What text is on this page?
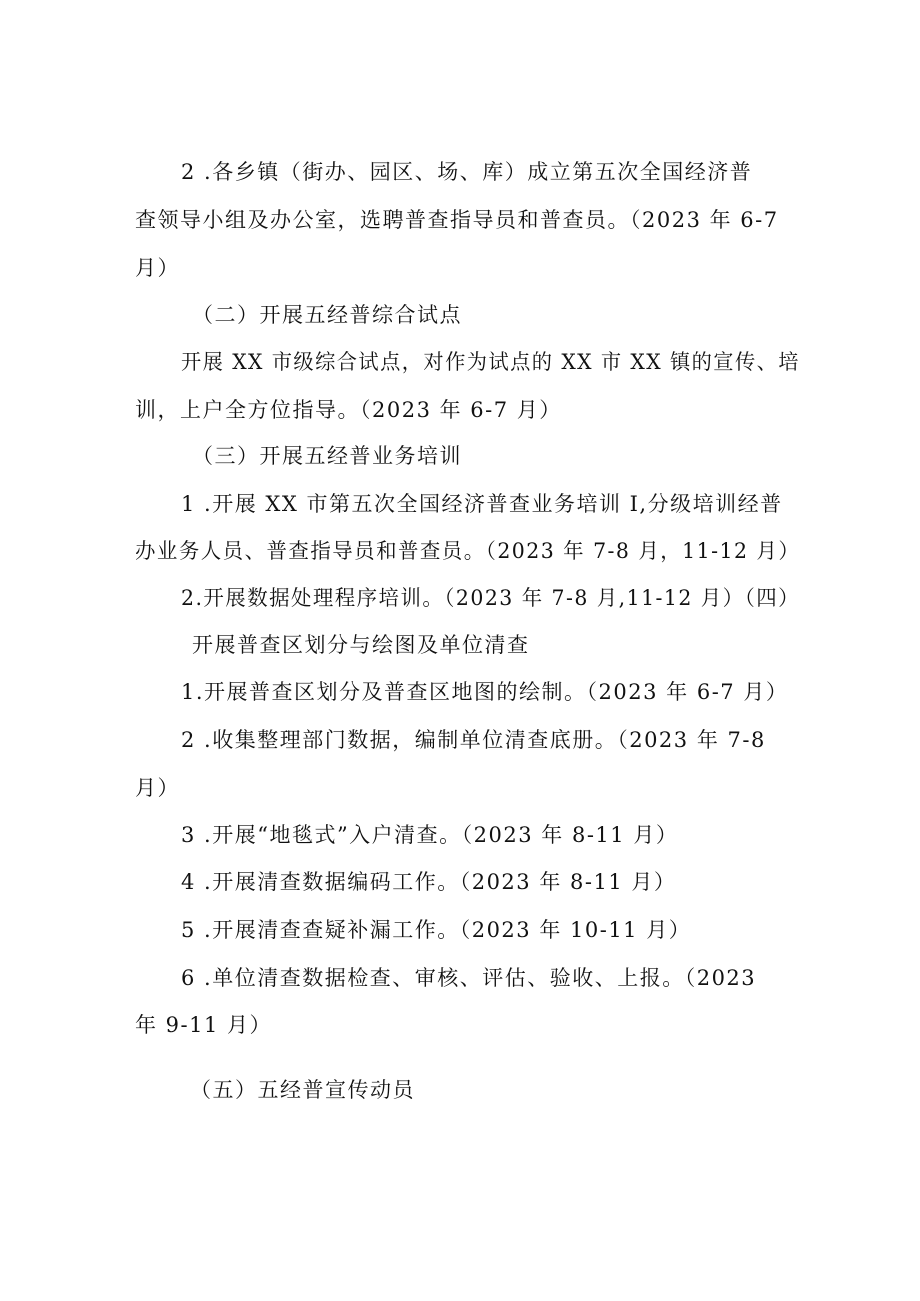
2 .各乡镇（街办、园区、场、库）成立第五次全国经济普
查领导小组及办公室，选聘普查指导员和普查员。（2023 年 6-7
月）
（二）开展五经普综合试点
开展 XX 市级综合试点，对作为试点的 XX 市 XX 镇的宣传、培
训，上户全方位指导。（2023 年 6-7 月）
（三）开展五经普业务培训
1 .开展 XX 市第五次全国经济普查业务培训 I,分级培训经普
办业务人员、普查指导员和普查员。（2023 年 7-8 月，11-12 月）
2.开展数据处理程序培训。（2023 年 7-8 月,11-12 月）（四）
开展普查区划分与绘图及单位清查
1.开展普查区划分及普查区地图的绘制。（2023 年 6-7 月）
2 .收集整理部门数据，编制单位清查底册。（2023 年 7-8
月）
3 .开展“地毯式”入户清查。（2023 年 8-11 月）
4 .开展清查数据编码工作。（2023 年 8-11 月）
5 .开展清查查疑补漏工作。（2023 年 10-11 月）
6 .单位清查数据检查、审核、评估、验收、上报。（2023
年 9-11 月）
（五）五经普宣传动员
